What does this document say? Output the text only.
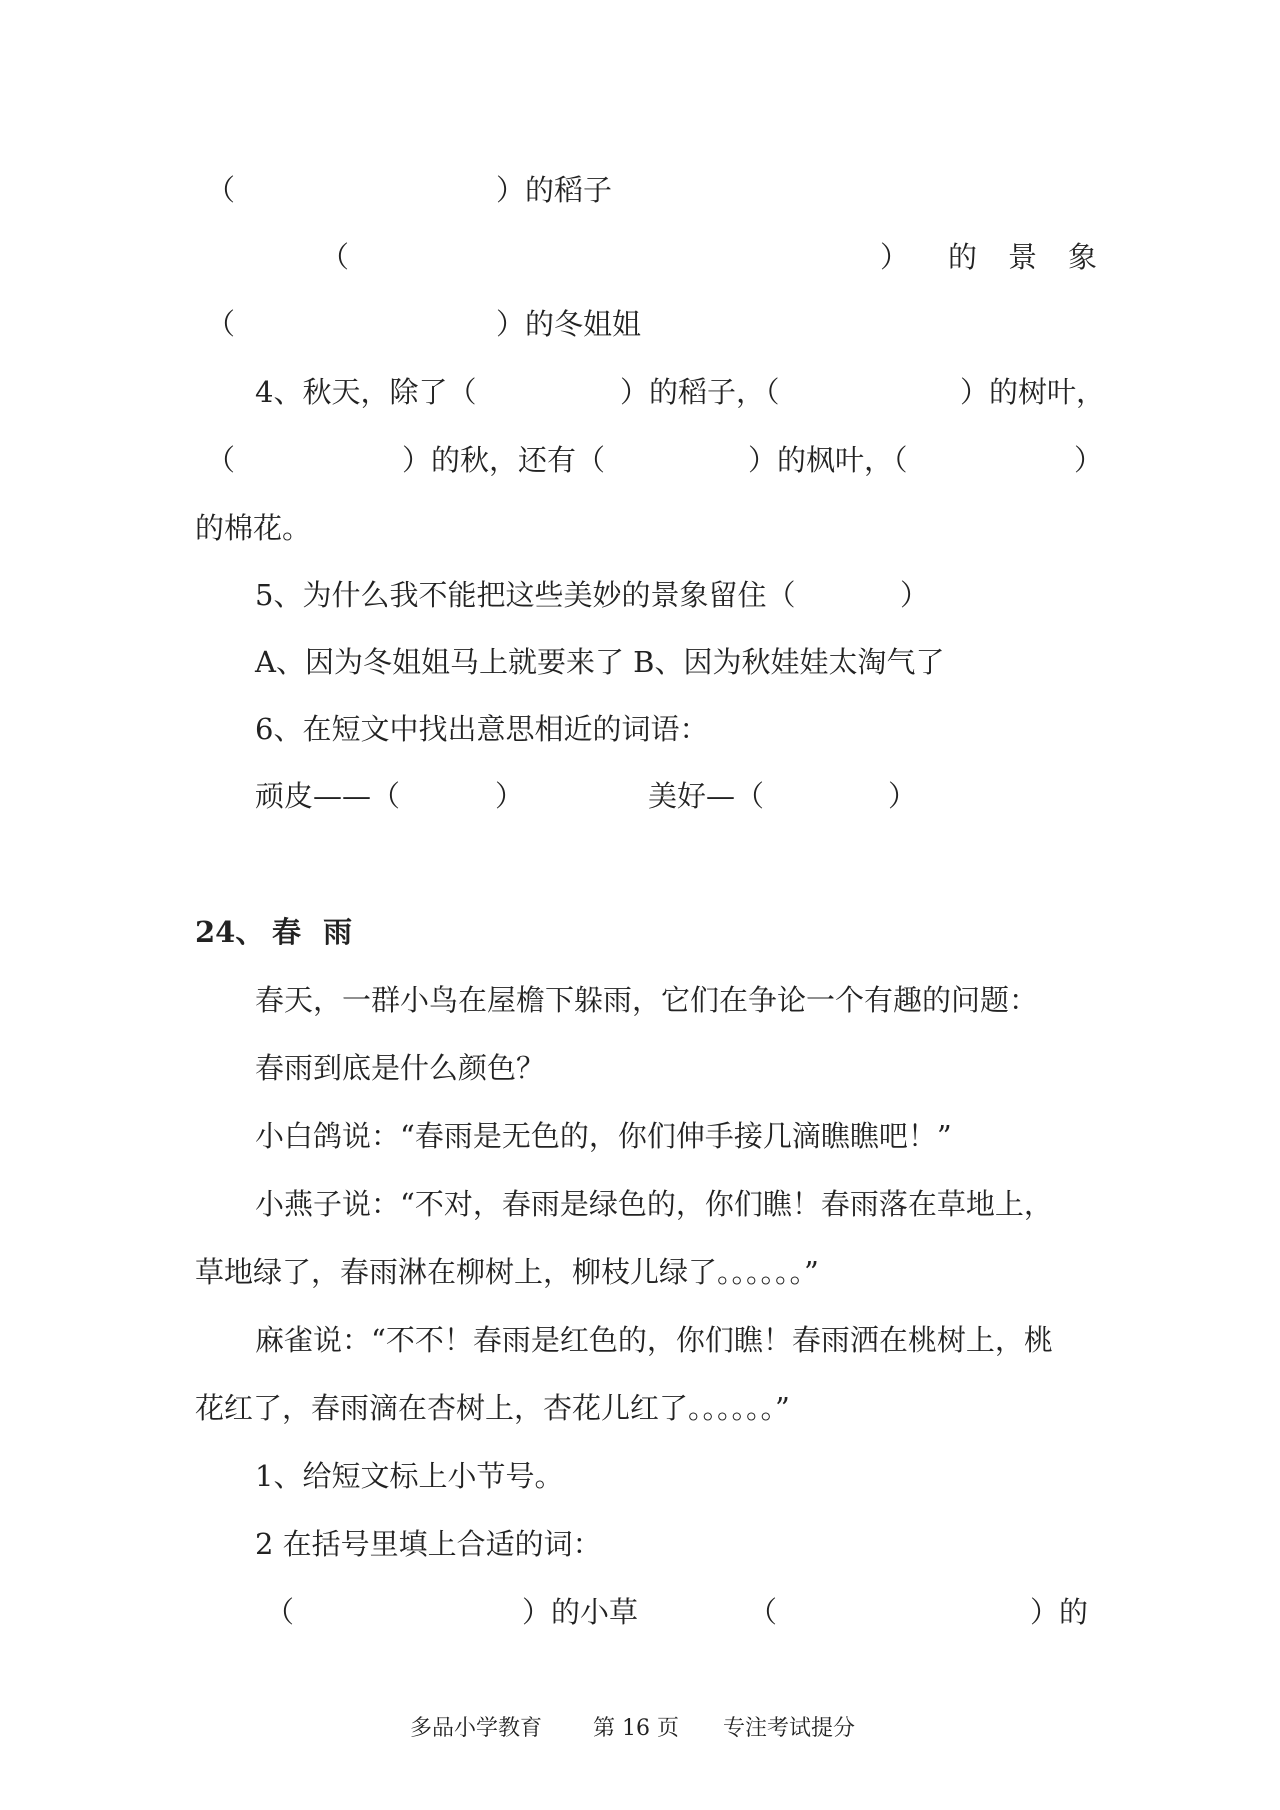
（	）的稻子
（	） 的 景 象
（	）的冬姐姐
4、秋天，除了（	）的稻子，（	）的树叶，
（	）的秋，还有（	）的枫叶，（	）
的棉花。
5、为什么我不能把这些美妙的景象留住（	）
A、因为冬姐姐马上就要来了 B、因为秋娃娃太淘气了
6、在短文中找出意思相近的词语：
顽皮——（	）	美好—（	）
24、 春 雨
春天，一群小鸟在屋檐下躲雨，它们在争论一个有趣的问题：
春雨到底是什么颜色？
小白鸽说：“春雨是无色的，你们伸手接几滴瞧瞧吧！”
小燕子说：“不对，春雨是绿色的，你们瞧！春雨落在草地上，
草地绿了，春雨淋在柳树上，柳枝儿绿了。。。。。。”
麻雀说：“不不！春雨是红色的，你们瞧！春雨洒在桃树上，桃
花红了，春雨滴在杏树上，杏花儿红了。。。。。。”
1、给短文标上小节号。
2 在括号里填上合适的词：
（	）的小草	（	）的
多品小学教育 第 16 页 专注考试提分
